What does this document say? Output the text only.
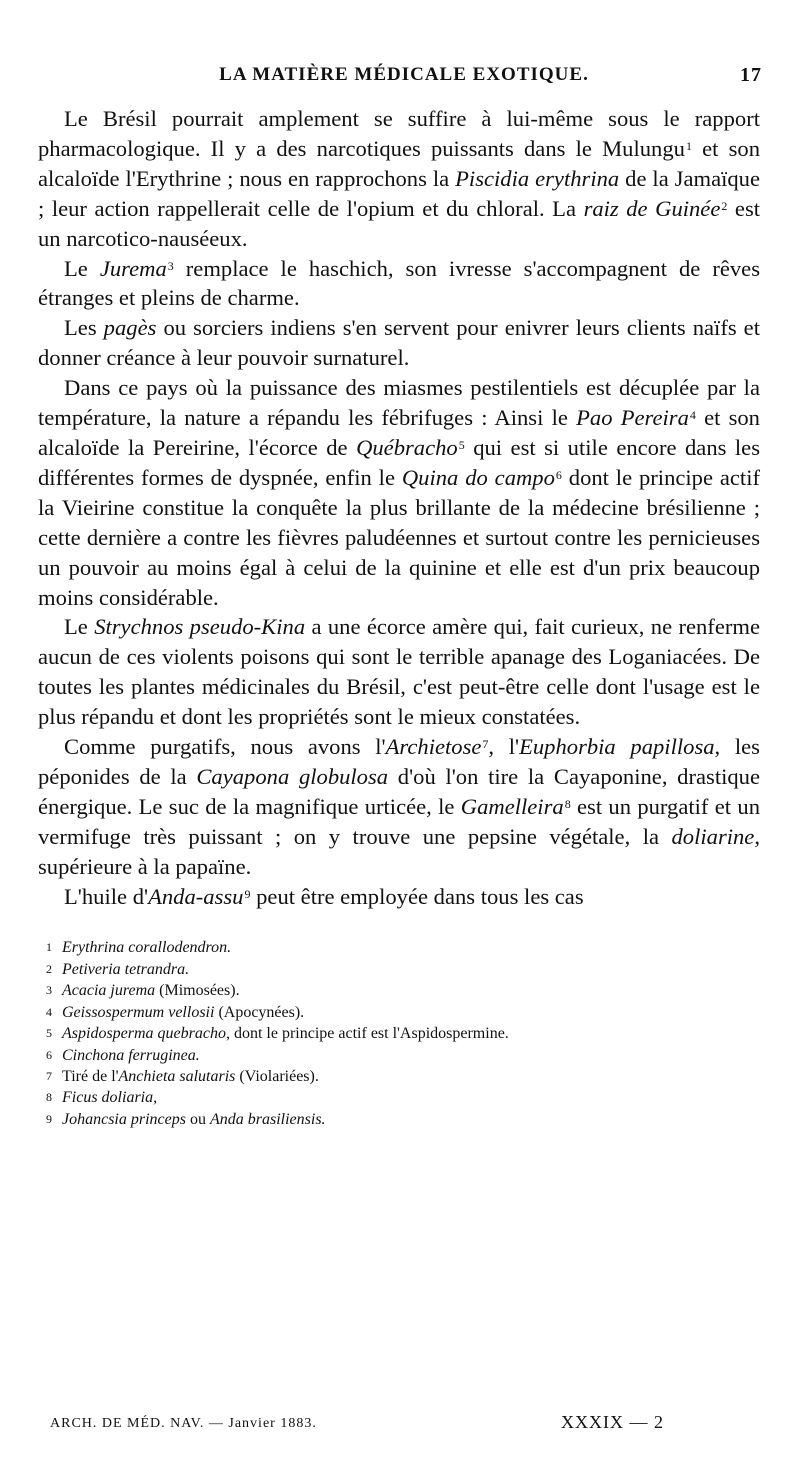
LA MATIÈRE MÉDICALE EXOTIQUE.	17

Le Brésil pourrait amplement se suffire à lui-même sous le rapport pharmacologique. Il y a des narcotiques puissants dans le Mulungu$^1$ et son alcaloïde l'Erythrine ; nous en rapprochons la Piscidia erythrina de la Jamaïque ; leur action rappellerait celle de l'opium et du chloral. La raiz de Guinée$^2$ est un narcotico-nauséeux.

Le Jurema$^3$ remplace le haschich, son ivresse s'accompagnent de rêves étranges et pleins de charme.

Les pagès ou sorciers indiens s'en servent pour enivrer leurs clients naïfs et donner créance à leur pouvoir surnaturel.

Dans ce pays où la puissance des miasmes pestilentiels est décuplée par la température, la nature a répandu les fébrifuges : Ainsi le Pao Pereira$^4$ et son alcaloïde la Pereirine, l'écorce de Québracho$^5$ qui est si utile encore dans les différentes formes de dyspnée, enfin le Quina do campo$^6$ dont le principe actif la Vieirine constitue la conquête la plus brillante de la médecine brésilienne ; cette dernière a contre les fièvres paludéennes et surtout contre les pernicieuses un pouvoir au moins égal à celui de la quinine et elle est d'un prix beaucoup moins considérable.

Le Strychnos pseudo-Kina a une écorce amère qui, fait curieux, ne renferme aucun de ces violents poisons qui sont le terrible apanage des Loganiacées. De toutes les plantes médicinales du Brésil, c'est peut-être celle dont l'usage est le plus répandu et dont les propriétés sont le mieux constatées.

Comme purgatifs, nous avons l'Archietose$^7$, l'Euphorbia papillosa, les péponides de la Cayapona globulosa d'où l'on tire la Cayaponine, drastique énergique. Le suc de la magnifique urticée, le Gamelleira$^8$ est un purgatif et un vermifuge très puissant ; on y trouve une pepsine végétale, la doliarine, supérieure à la papaïne.

L'huile d'Anda-assu$^9$ peut être employée dans tous les cas

1 Erythrina corallodendron.
2 Petiveria tetrandra.
3 Acacia jurema (Mimosées).
4 Geissospermum vellosii (Apocynées).
5 Aspidosperma quebracho, dont le principe actif est l'Aspidospermine.
6 Cinchona ferruginea.
7 Tiré de l'Anchieta salutaris (Violariées).
8 Ficus doliaria,
9 Johancsia princeps ou Anda brasiliensis.
ARCH. DE MÉD. NAV. — Janvier 1883.	XXXIX — 2
